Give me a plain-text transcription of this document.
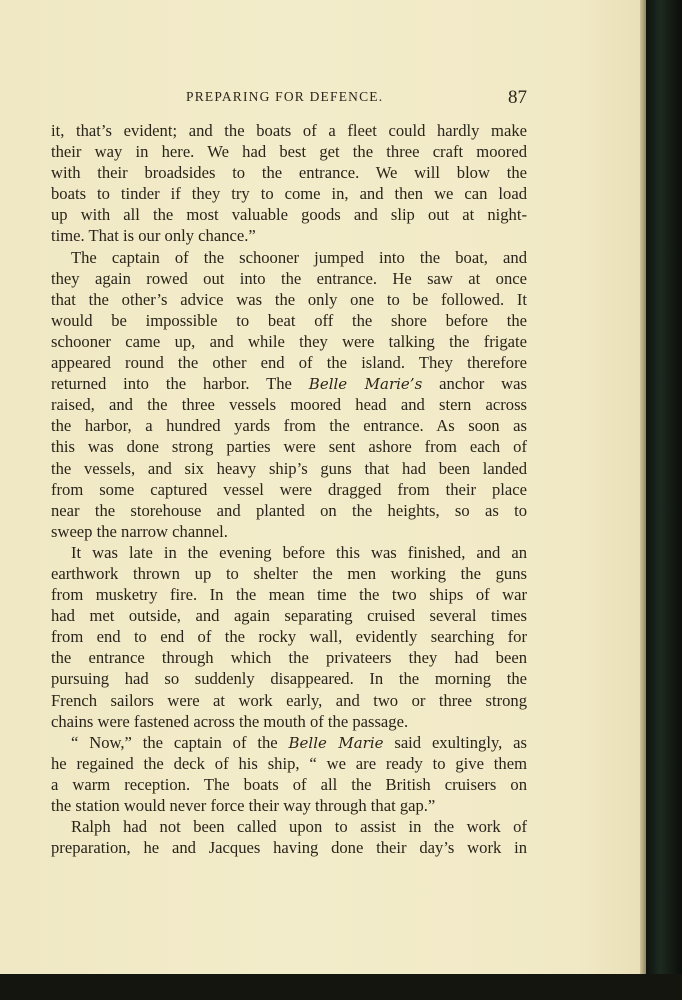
PREPARING FOR DEFENCE.	87
it, that’s evident; and the boats of a fleet could hardly make
their way in here. We had best get the three craft moored
with their broadsides to the entrance. We will blow the
boats to tinder if they try to come in, and then we can load
up with all the most valuable goods and slip out at night-
time. That is our only chance.”
The captain of the schooner jumped into the boat, and
they again rowed out into the entrance. He saw at once
that the other’s advice was the only one to be followed. It
would be impossible to beat off the shore before the
schooner came up, and while they were talking the frigate
appeared round the other end of the island. They therefore
returned into the harbor. The Belle Marie’s anchor was
raised, and the three vessels moored head and stern across
the harbor, a hundred yards from the entrance. As soon as
this was done strong parties were sent ashore from each of
the vessels, and six heavy ship’s guns that had been landed
from some captured vessel were dragged from their place
near the storehouse and planted on the heights, so as to
sweep the narrow channel.
It was late in the evening before this was finished, and an
earthwork thrown up to shelter the men working the guns
from musketry fire. In the mean time the two ships of war
had met outside, and again separating cruised several times
from end to end of the rocky wall, evidently searching for
the entrance through which the privateers they had been
pursuing had so suddenly disappeared. In the morning the
French sailors were at work early, and two or three strong
chains were fastened across the mouth of the passage.
“ Now,” the captain of the Belle Marie said exultingly, as
he regained the deck of his ship, “ we are ready to give them
a warm reception. The boats of all the British cruisers on
the station would never force their way through that gap.”
Ralph had not been called upon to assist in the work of
preparation, he and Jacques having done their day’s work in
